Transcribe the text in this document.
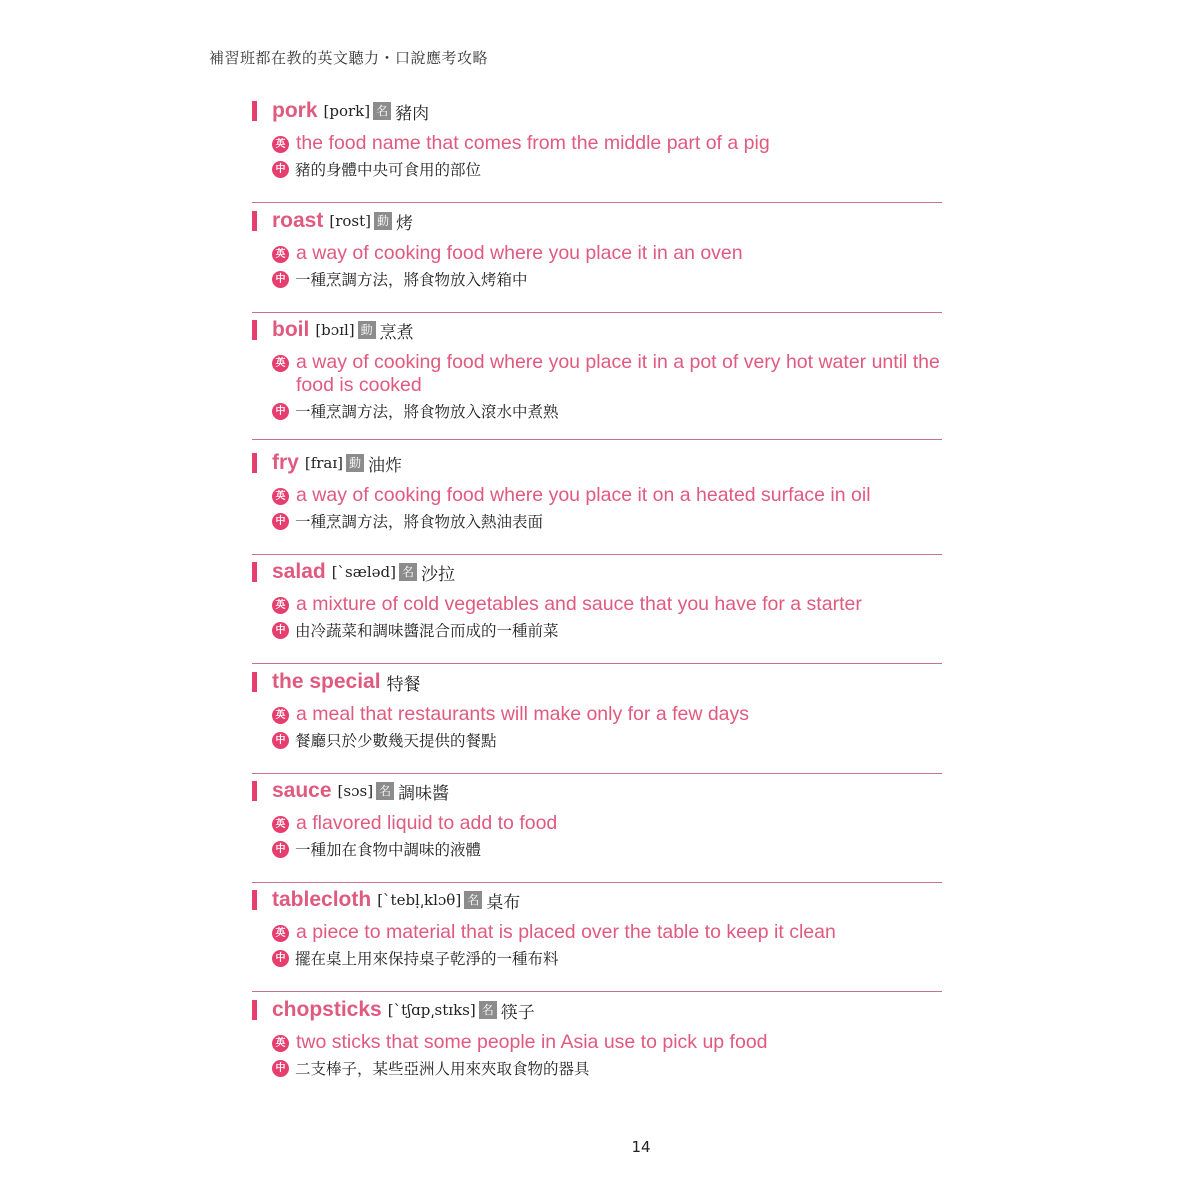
補習班都在教的英文聽力・口說應考攻略
pork [pork] 名 豬肉
英 the food name that comes from the middle part of a pig
中 豬的身體中央可食用的部位
roast [rost] 動 烤
英 a way of cooking food where you place it in an oven
中 一種烹調方法，將食物放入烤箱中
boil [bɔɪl] 動 烹煮
英 a way of cooking food where you place it in a pot of very hot water until the food is cooked
中 一種烹調方法，將食物放入滾水中煮熟
fry [fraɪ] 動 油炸
英 a way of cooking food where you place it on a heated surface in oil
中 一種烹調方法，將食物放入熱油表面
salad [ˋsæləd] 名 沙拉
英 a mixture of cold vegetables and sauce that you have for a starter
中 由冷蔬菜和調味醬混合而成的一種前菜
the special 特餐
英 a meal that restaurants will make only for a few days
中 餐廳只於少數幾天提供的餐點
sauce [sɔs] 名 調味醬
英 a flavored liquid to add to food
中 一種加在食物中調味的液體
tablecloth [ˋtebḷ͵klɔθ] 名 桌布
英 a piece to material that is placed over the table to keep it clean
中 擺在桌上用來保持桌子乾淨的一種布料
chopsticks [ˋtʃɑp͵stɪks] 名 筷子
英 two sticks that some people in Asia use to pick up food
中 二支棒子，某些亞洲人用來夾取食物的器具
14
